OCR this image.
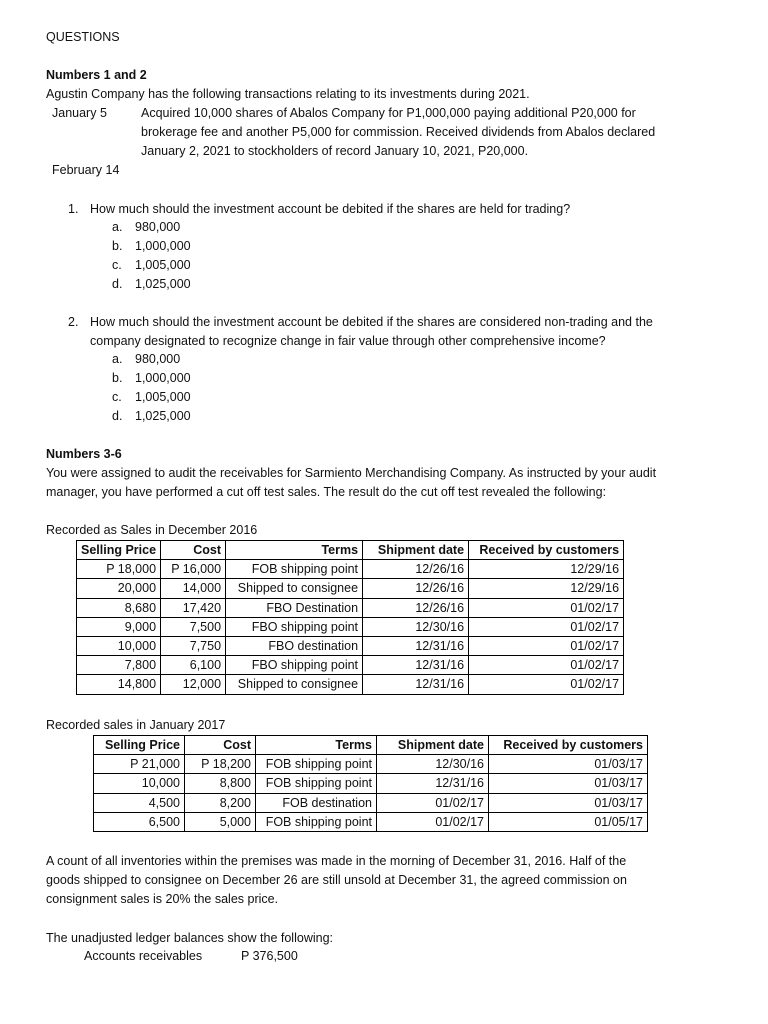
QUESTIONS
Numbers 1 and 2
Agustin Company has the following transactions relating to its investments during 2021.
January 5	Acquired 10,000 shares of Abalos Company for P1,000,000 paying additional P20,000 for
brokerage fee and another P5,000 for commission. Received dividends from Abalos declared
January 2, 2021 to stockholders of record January 10, 2021, P20,000.
February 14
1. How much should the investment account be debited if the shares are held for trading?
a. 980,000
b. 1,000,000
c. 1,005,000
d. 1,025,000
2. How much should the investment account be debited if the shares are considered non-trading and the
company designated to recognize change in fair value through other comprehensive income?
a. 980,000
b. 1,000,000
c. 1,005,000
d. 1,025,000
Numbers 3-6
You were assigned to audit the receivables for Sarmiento Merchandising Company. As instructed by your audit
manager, you have performed a cut off test sales. The result do the cut off test revealed the following:
Recorded as Sales in December 2016
Selling Price	Cost	Terms	Shipment date	Received by customers
P 18,000	P 16,000	FOB shipping point	12/26/16	12/29/16
20,000	14,000	Shipped to consignee	12/26/16	12/29/16
8,680	17,420	FBO Destination	12/26/16	01/02/17
9,000	7,500	FBO shipping point	12/30/16	01/02/17
10,000	7,750	FBO destination	12/31/16	01/02/17
7,800	6,100	FBO shipping point	12/31/16	01/02/17
14,800	12,000	Shipped to consignee	12/31/16	01/02/17
Recorded sales in January 2017
Selling Price	Cost	Terms	Shipment date	Received by customers
P 21,000	P 18,200	FOB shipping point	12/30/16	01/03/17
10,000	8,800	FOB shipping point	12/31/16	01/03/17
4,500	8,200	FOB destination	01/02/17	01/03/17
6,500	5,000	FOB shipping point	01/02/17	01/05/17
A count of all inventories within the premises was made in the morning of December 31, 2016. Half of the
goods shipped to consignee on December 26 are still unsold at December 31, the agreed commission on
consignment sales is 20% the sales price.
The unadjusted ledger balances show the following:
Accounts receivables	P 376,500
